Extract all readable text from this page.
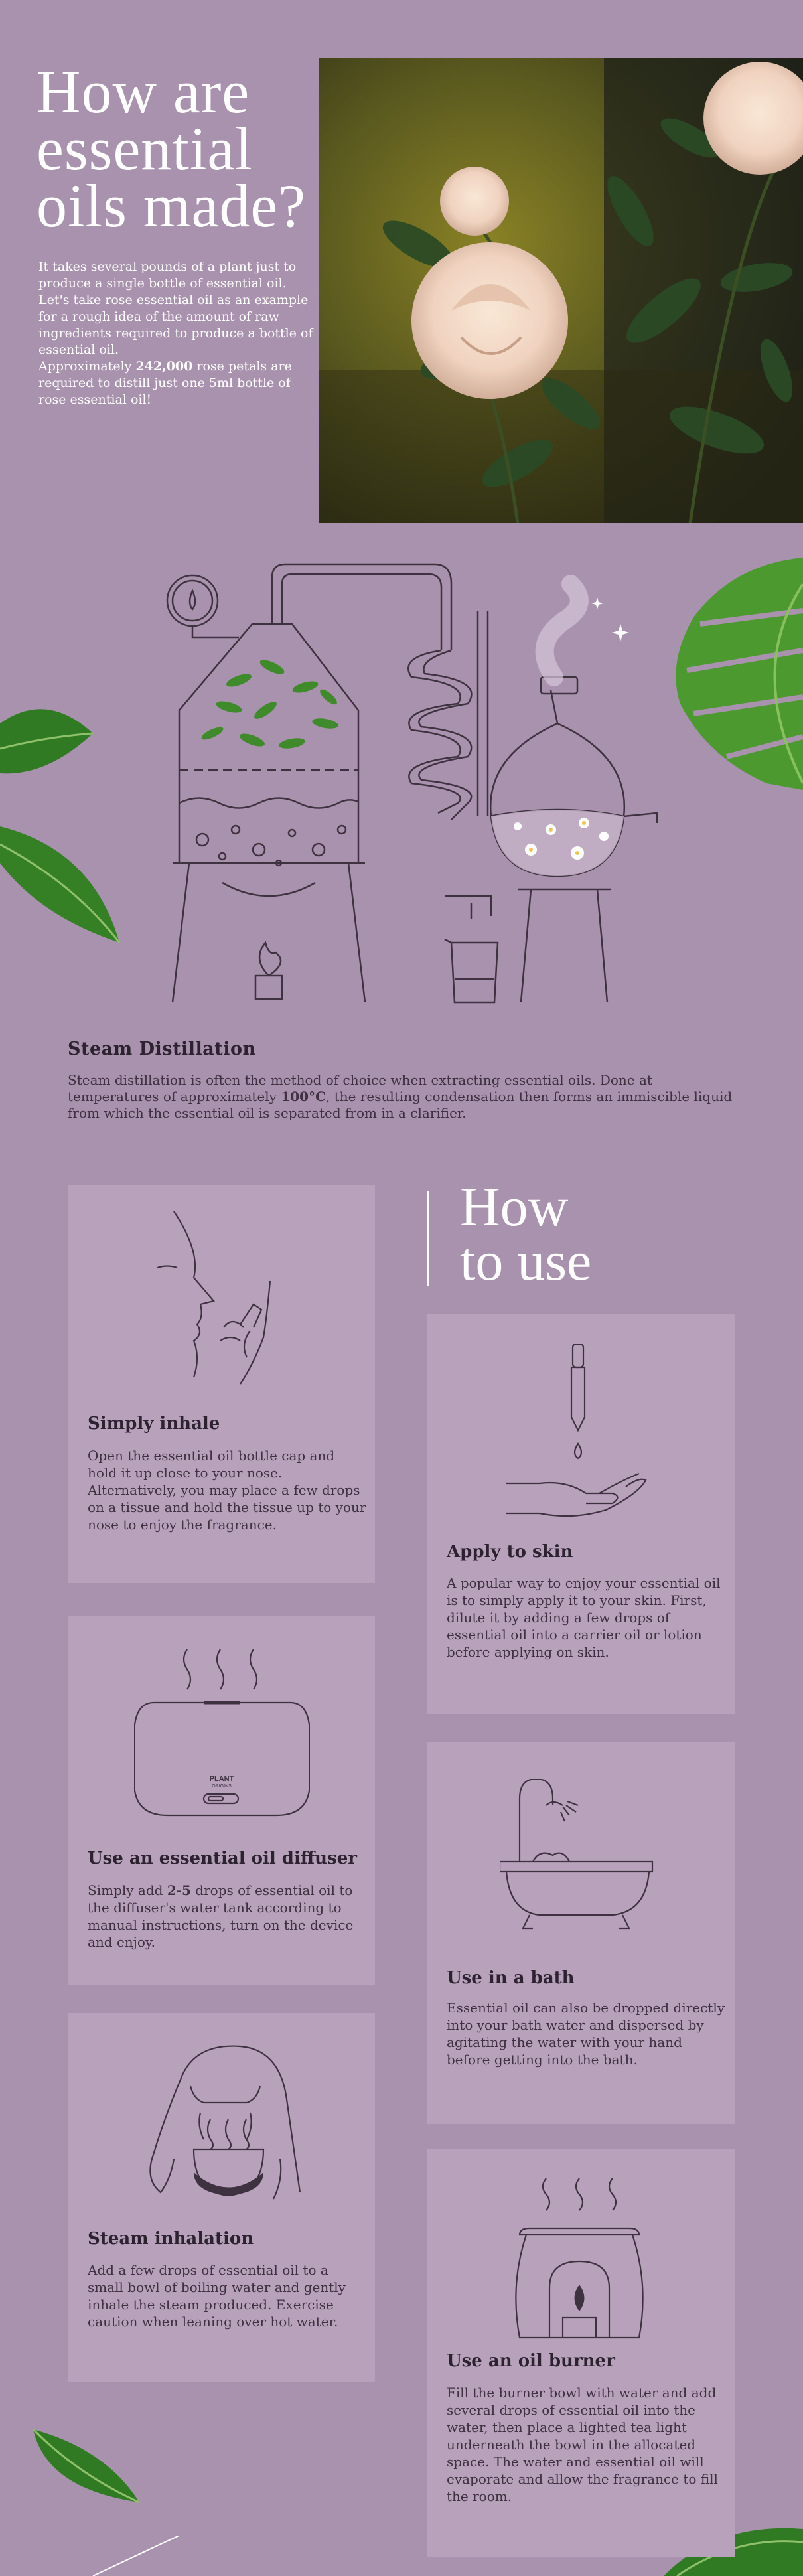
How are
essential
oils made?
It takes several pounds of a plant just to produce a single bottle of essential oil. Let's take rose essential oil as an example for a rough idea of the amount of raw ingredients required to produce a bottle of essential oil.
Approximately 242,000 rose petals are required to distill just one 5ml bottle of rose essential oil!
Steam Distillation
Steam distillation is often the method of choice when extracting essential oils. Done at temperatures of approximately 100°C, the resulting condensation then forms an immiscible liquid from which the essential oil is separated from in a clarifier.
How
to use
Simply inhale
Open the essential oil bottle cap and hold it up close to your nose. Alternatively, you may place a few drops on a tissue and hold the tissue up to your nose to enjoy the fragrance.
Apply to skin
A popular way to enjoy your essential oil is to simply apply it to your skin. First, dilute it by adding a few drops of essential oil into a carrier oil or lotion before applying on skin.
PLANT
ORIGINS
Use an essential oil diffuser
Simply add 2-5 drops of essential oil to the diffuser's water tank according to manual instructions, turn on the device and enjoy.
Use in a bath
Essential oil can also be dropped directly into your bath water and dispersed by agitating the water with your hand before getting into the bath.
Steam inhalation
Add a few drops of essential oil to a small bowl of boiling water and gently inhale the steam produced. Exercise caution when leaning over hot water.
Use an oil burner
Fill the burner bowl with water and add several drops of essential oil into the water, then place a lighted tea light underneath the bowl in the allocated space. The water and essential oil will evaporate and allow the fragrance to fill the room.
